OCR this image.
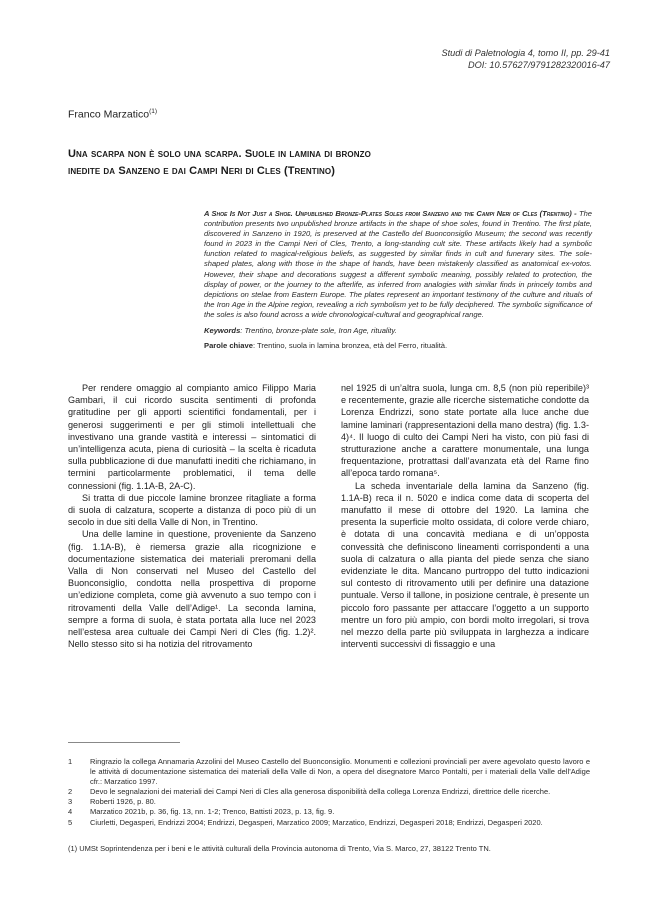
Studi di Paletnologia 4, tomo II, pp. 29-41
DOI: 10.57627/9791282320016-47
Franco Marzatico$^{(1)}$
Una scarpa non è solo una scarpa. Suole in lamina di bronzo
inedite da Sanzeno e dai Campi Neri di Cles (Trentino)
A Shoe Is Not Just a Shoe. Unpublished Bronze-Plates Soles from Sanzeno and the Campi Neri of Cles (Trentino) - The contribution presents two unpublished bronze artifacts in the shape of shoe soles, found in Trentino. The first plate, discovered in Sanzeno in 1920, is preserved at the Castello del Buonconsiglio Museum; the second was recently found in 2023 in the Campi Neri of Cles, Trento, a long-standing cult site. These artifacts likely had a symbolic function related to magical-religious beliefs, as suggested by similar finds in cult and funerary sites. The sole-shaped plates, along with those in the shape of hands, have been mistakenly classified as anatomical ex-votos. However, their shape and decorations suggest a different symbolic meaning, possibly related to protection, the display of power, or the journey to the afterlife, as inferred from analogies with similar finds in princely tombs and depictions on stelae from Eastern Europe. The plates represent an important testimony of the culture and rituals of the Iron Age in the Alpine region, revealing a rich symbolism yet to be fully deciphered. The symbolic significance of the soles is also found across a wide chronological-cultural and geographical range.
Keywords: Trentino, bronze-plate sole, Iron Age, rituality.
Parole chiave: Trentino, suola in lamina bronzea, età del Ferro, ritualità.

Per rendere omaggio al compianto amico Filippo Maria Gambari, il cui ricordo suscita sentimenti di profonda gratitudine per gli apporti scientifici fondamentali, per i generosi suggerimenti e per gli stimoli intellettuali che investivano una grande vastità e interessi – sintomatici di un’intelligenza acuta, piena di curiosità – la scelta è ricaduta sulla pubblicazione di due manufatti inediti che richiamano, in termini particolarmente problematici, il tema delle connessioni (fig. 1.1A-B, 2A-C).

Si tratta di due piccole lamine bronzee ritagliate a forma di suola di calzatura, scoperte a distanza di poco più di un secolo in due siti della Valle di Non, in Trentino.

Una delle lamine in questione, proveniente da Sanzeno (fig. 1.1A-B), è riemersa grazie alla ricognizione e documentazione sistematica dei materiali preromani della Valla di Non conservati nel Museo del Castello del Buonconsiglio, condotta nella prospettiva di proporne un’edizione completa, come già avvenuto a suo tempo con i ritrovamenti della Valle dell’Adige¹. La seconda lamina, sempre a forma di suola, è stata portata alla luce nel 2023 nell’estesa area cultuale dei Campi Neri di Cles (fig. 1.2)². Nello stesso sito si ha notizia del ritrovamento

nel 1925 di un’altra suola, lunga cm. 8,5 (non più reperibile)³ e recentemente, grazie alle ricerche sistematiche condotte da Lorenza Endrizzi, sono state portate alla luce anche due lamine laminari (rappresentazioni della mano destra) (fig. 1.3-4)⁴. Il luogo di culto dei Campi Neri ha visto, con più fasi di strutturazione anche a carattere monumentale, una lunga frequentazione, protrattasi dall’avanzata età del Rame fino all’epoca tardo romana⁵.

La scheda inventariale della lamina da Sanzeno (fig. 1.1A-B) reca il n. 5020 e indica come data di scoperta del manufatto il mese di ottobre del 1920. La lamina che presenta la superficie molto ossidata, di colore verde chiaro, è dotata di una concavità mediana e di un’opposta convessità che definiscono lineamenti corrispondenti a una suola di calzatura o alla pianta del piede senza che siano evidenziate le dita. Mancano purtroppo del tutto indicazioni sul contesto di ritrovamento utili per definire una datazione puntuale. Verso il tallone, in posizione centrale, è presente un piccolo foro passante per attaccare l’oggetto a un supporto mentre un foro più ampio, con bordi molto irregolari, si trova nel mezzo della parte più sviluppata in larghezza a indicare interventi successivi di fissaggio e una

1	Ringrazio la collega Annamaria Azzolini del Museo Castello del Buonconsiglio. Monumenti e collezioni provinciali per avere agevolato questo lavoro e le attività di documentazione sistematica dei materiali della Valle di Non, a opera del disegnatore Marco Pontalti, per i materiali della Valle dell’Adige cfr.: Marzatico 1997.
2	Devo le segnalazioni dei materiali dei Campi Neri di Cles alla generosa disponibilità della collega Lorenza Endrizzi, direttrice delle ricerche.
3	Roberti 1926, p. 80.
4	Marzatico 2021b, p. 36, fig. 13, nn. 1-2; Trenco, Battisti 2023, p. 13, fig. 9.
5	Ciurletti, Degasperi, Endrizzi 2004; Endrizzi, Degasperi, Marzatico 2009; Marzatico, Endrizzi, Degasperi 2018; Endrizzi, Degasperi 2020.
(1) UMSt Soprintendenza per i beni e le attività culturali della Provincia autonoma di Trento, Via S. Marco, 27, 38122 Trento TN.
